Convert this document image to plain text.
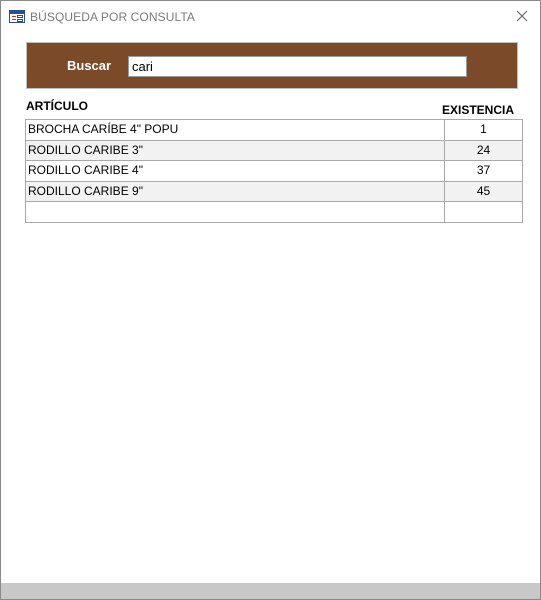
BÚSQUEDA POR CONSULTA
Buscar
cari
ARTÍCULO	EXISTENCIA
BROCHA CARÍBE 4" POPU	1
RODILLO CARIBE 3"	24
RODILLO CARIBE 4"	37
RODILLO CARIBE 9"	45
